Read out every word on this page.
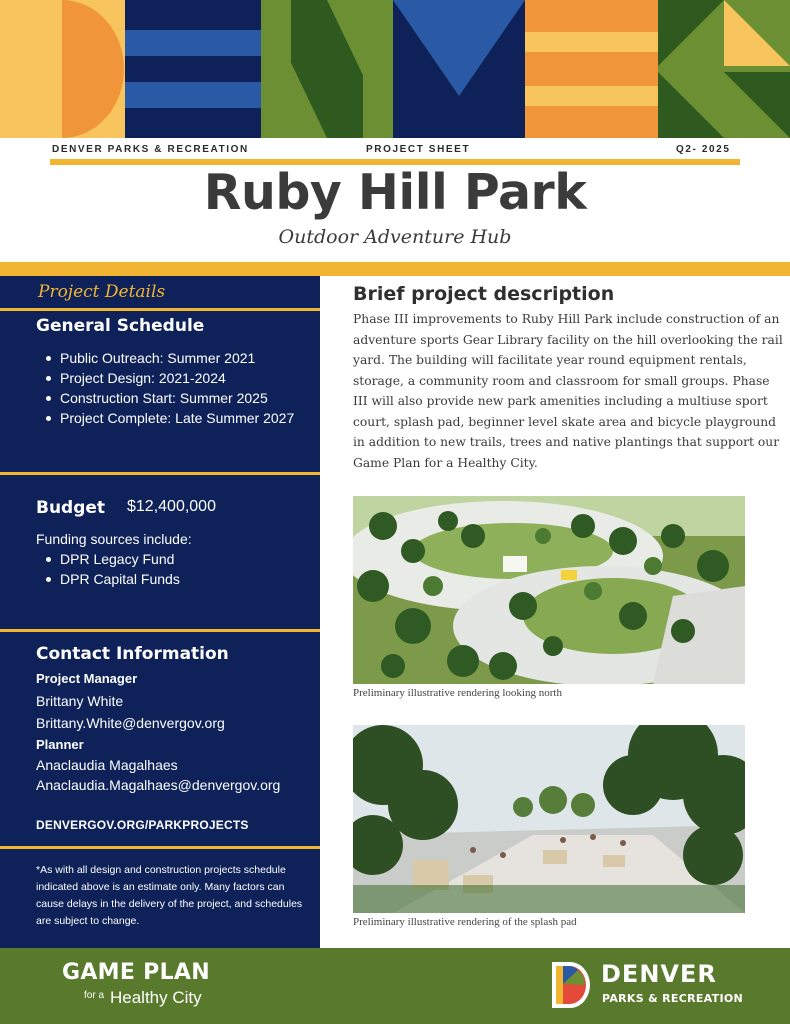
DENVER PARKS & RECREATION	PROJECT SHEET	Q2- 2025
Ruby Hill Park
Outdoor Adventure Hub
Project Details
General Schedule
Public Outreach: Summer 2021
Project Design: 2021-2024
Construction Start: Summer 2025
Project Complete: Late Summer 2027
Budget $12,400,000
Funding sources include:
DPR Legacy Fund
DPR Capital Funds
Contact Information
Project Manager
Brittany White
Brittany.White@denvergov.org
Planner
Anaclaudia Magalhaes
Anaclaudia.Magalhaes@denvergov.org
DENVERGOV.ORG/PARKPROJECTS
*As with all design and construction projects schedule indicated above is an estimate only. Many factors can cause delays in the delivery of the project, and schedules are subject to change.
Brief project description

Phase III improvements to Ruby Hill Park include construction of an adventure sports Gear Library facility on the hill overlooking the rail yard. The building will facilitate year round equipment rentals, storage, a community room and classroom for small groups. Phase III will also provide new park amenities including a multiuse sport court, splash pad, beginner level skate area and bicycle playground in addition to new trails, trees and native plantings that support our Game Plan for a Healthy City.

Preliminary illustrative rendering looking north
Preliminary illustrative rendering of the splash pad
GAME PLAN
for a Healthy City
DENVER
PARKS & RECREATION
